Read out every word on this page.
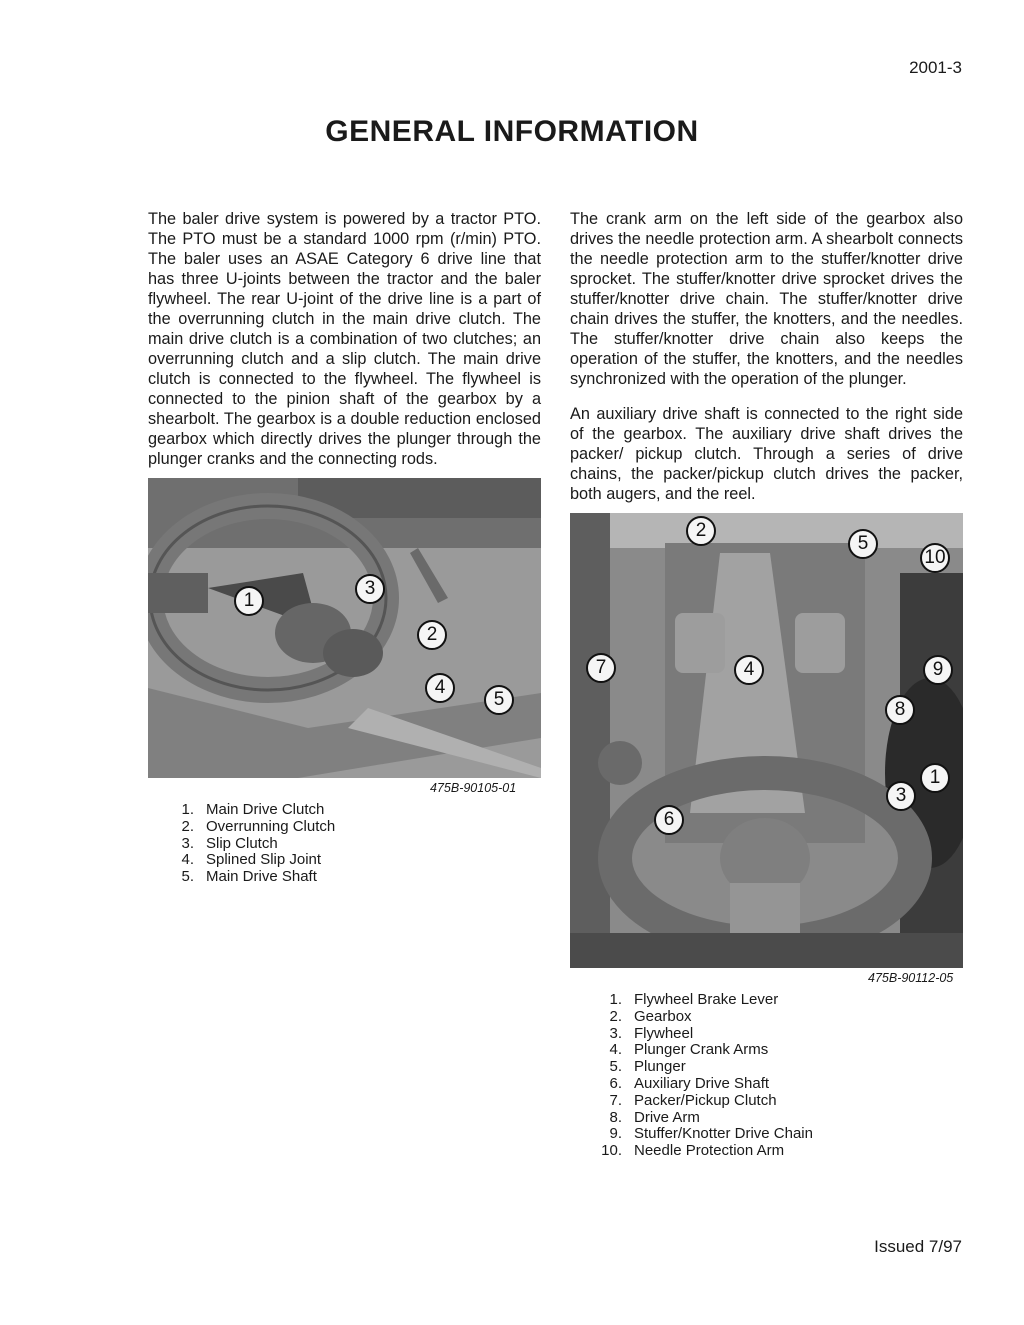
2001-3
GENERAL INFORMATION

The baler drive system is powered by a tractor PTO. The PTO must be a standard 1000 rpm (r/min) PTO. The baler uses an ASAE Category 6 drive line that has three U-joints between the tractor and the baler flywheel. The rear U-joint of the drive line is a part of the overrunning clutch in the main drive clutch. The main drive clutch is a combination of two clutches; an overrunning clutch and a slip clutch. The main drive clutch is connected to the flywheel. The flywheel is connected to the pinion shaft of the gearbox by a shearbolt. The gearbox is a double reduction enclosed gearbox which directly drives the plunger through the plunger cranks and the connecting rods.

The crank arm on the left side of the gearbox also drives the needle protection arm. A shearbolt connects the needle protection arm to the stuffer/knotter drive sprocket. The stuffer/knotter drive sprocket drives the stuffer/knotter drive chain. The stuffer/knotter drive chain drives the stuffer, the knotters, and the needles. The stuffer/knotter drive chain also keeps the operation of the stuffer, the knotters, and the needles synchronized with the operation of the plunger.

An auxiliary drive shaft is connected to the right side of the gearbox. The auxiliary drive shaft drives the packer/ pickup clutch. Through a series of drive chains, the packer/pickup clutch drives the packer, both augers, and the reel.

1
3
2
4
5
475B-90105-01
1. Main Drive Clutch
2. Overrunning Clutch
3. Slip Clutch
4. Splined Slip Joint
5. Main Drive Shaft
2
5
10
7	4	9
8
1
3
6
475B-90112-05
1. Flywheel Brake Lever
2. Gearbox
3. Flywheel
4. Plunger Crank Arms
5. Plunger
6. Auxiliary Drive Shaft
7. Packer/Pickup Clutch
8. Drive Arm
9. Stuffer/Knotter Drive Chain
10. Needle Protection Arm
Issued 7/97
